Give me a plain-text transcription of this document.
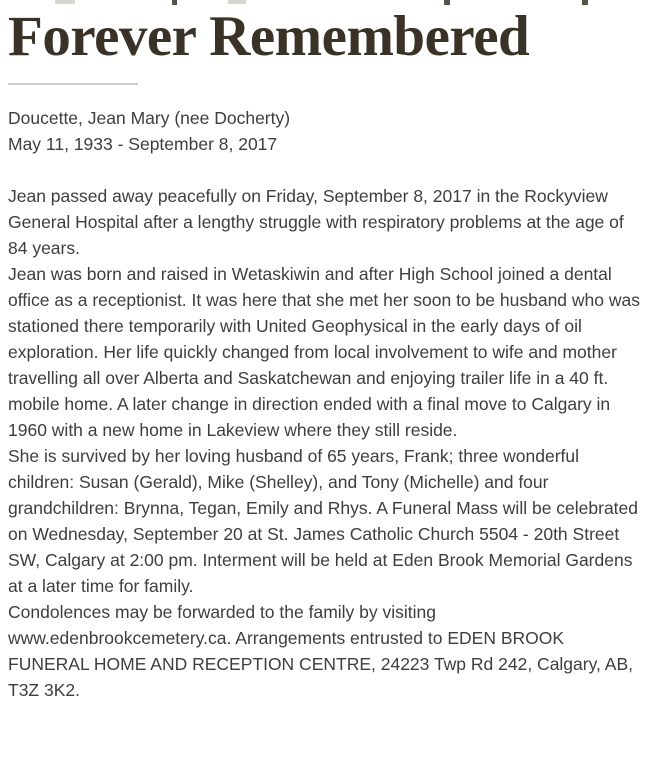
Forever Remembered
Doucette, Jean Mary (nee Docherty)
May 11, 1933 - September 8, 2017

Jean passed away peacefully on Friday, September 8, 2017 in the Rockyview General Hospital after a lengthy struggle with respiratory problems at the age of 84 years.

Jean was born and raised in Wetaskiwin and after High School joined a dental office as a receptionist. It was here that she met her soon to be husband who was stationed there temporarily with United Geophysical in the early days of oil exploration. Her life quickly changed from local involvement to wife and mother travelling all over Alberta and Saskatchewan and enjoying trailer life in a 40 ft. mobile home. A later change in direction ended with a final move to Calgary in 1960 with a new home in Lakeview where they still reside.

She is survived by her loving husband of 65 years, Frank; three wonderful children: Susan (Gerald), Mike (Shelley), and Tony (Michelle) and four grandchildren: Brynna, Tegan, Emily and Rhys. A Funeral Mass will be celebrated on Wednesday, September 20 at St. James Catholic Church 5504 - 20th Street SW, Calgary at 2:00 pm. Interment will be held at Eden Brook Memorial Gardens at a later time for family.

Condolences may be forwarded to the family by visiting www.edenbrookcemetery.ca. Arrangements entrusted to EDEN BROOK FUNERAL HOME AND RECEPTION CENTRE, 24223 Twp Rd 242, Calgary, AB, T3Z 3K2.
